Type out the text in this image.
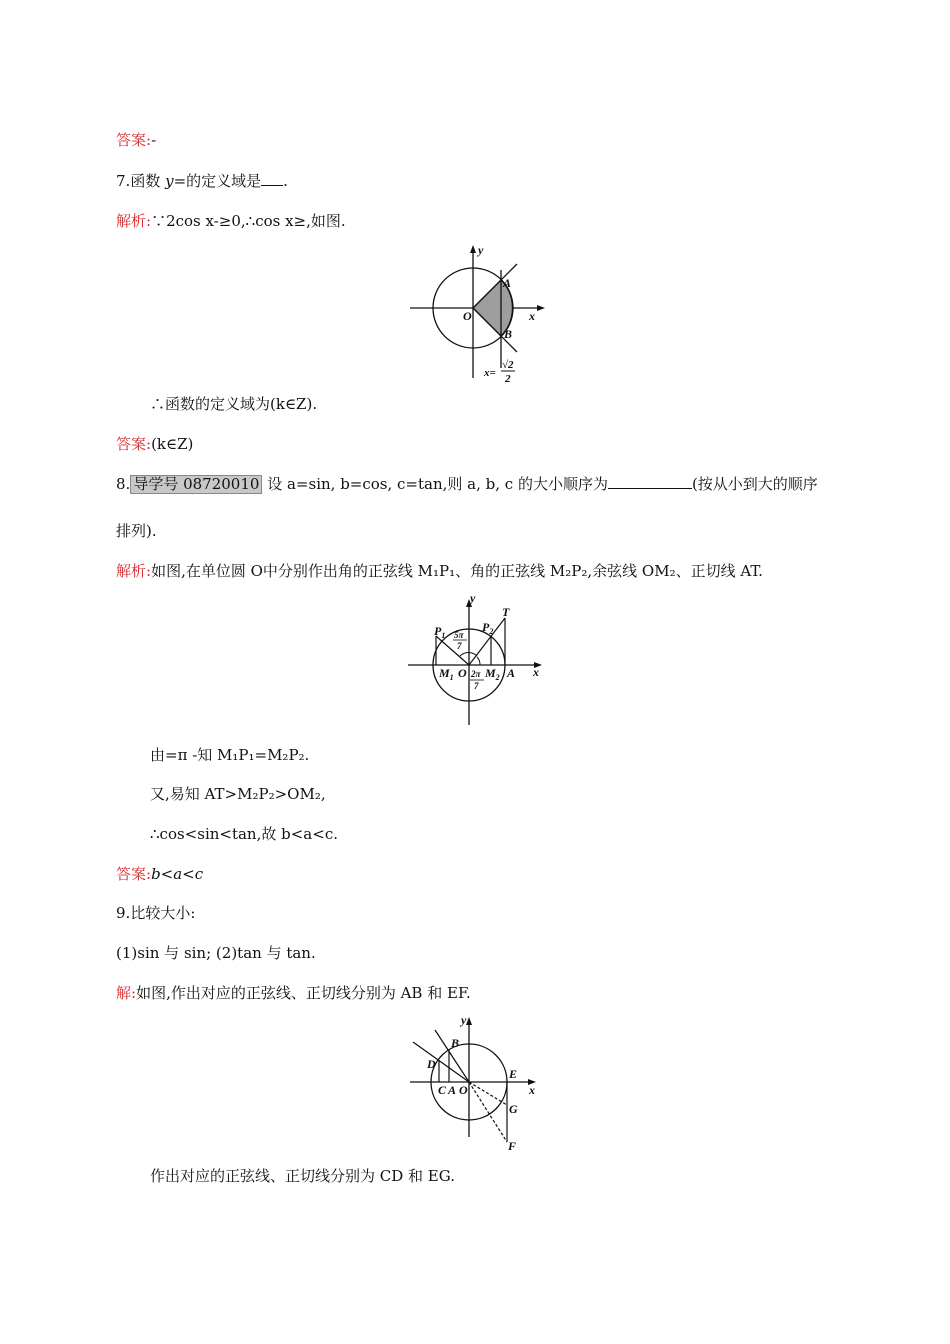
答案:-
7.函数 y=的定义域是 .
解析:∵2cos x-≥0,∴cos x≥,如图.
y
x
O
A
B
x=
√2
2
∴函数的定义域为(k∈Z).
答案:(k∈Z)
8. 导学号 08720010 设 a=sin, b=cos, c=tan,则 a, b, c 的大小顺序为	(按从小到大的顺序
排列).
解析:如图,在单位圆 O中分别作出角的正弦线 M₁P₁、角的正弦线 M₂P₂,余弦线 OM₂、正切线 AT.
y
x
T
$P_1$
$P_2$
5π
7
$M_1$ O 2π
7
$M_2$ A
由=π -知 M₁P₁=M₂P₂.
又,易知 AT>M₂P₂>OM₂,
∴cos<sin<tan,故 b<a<c.
答案:b<a<c
9.比较大小:
(1)sin 与 sin; (2)tan 与 tan.
解:如图,作出对应的正弦线、正切线分别为 AB 和 EF.
y
x
B
D
E
C A O
G
F
作出对应的正弦线、正切线分别为 CD 和 EG.
